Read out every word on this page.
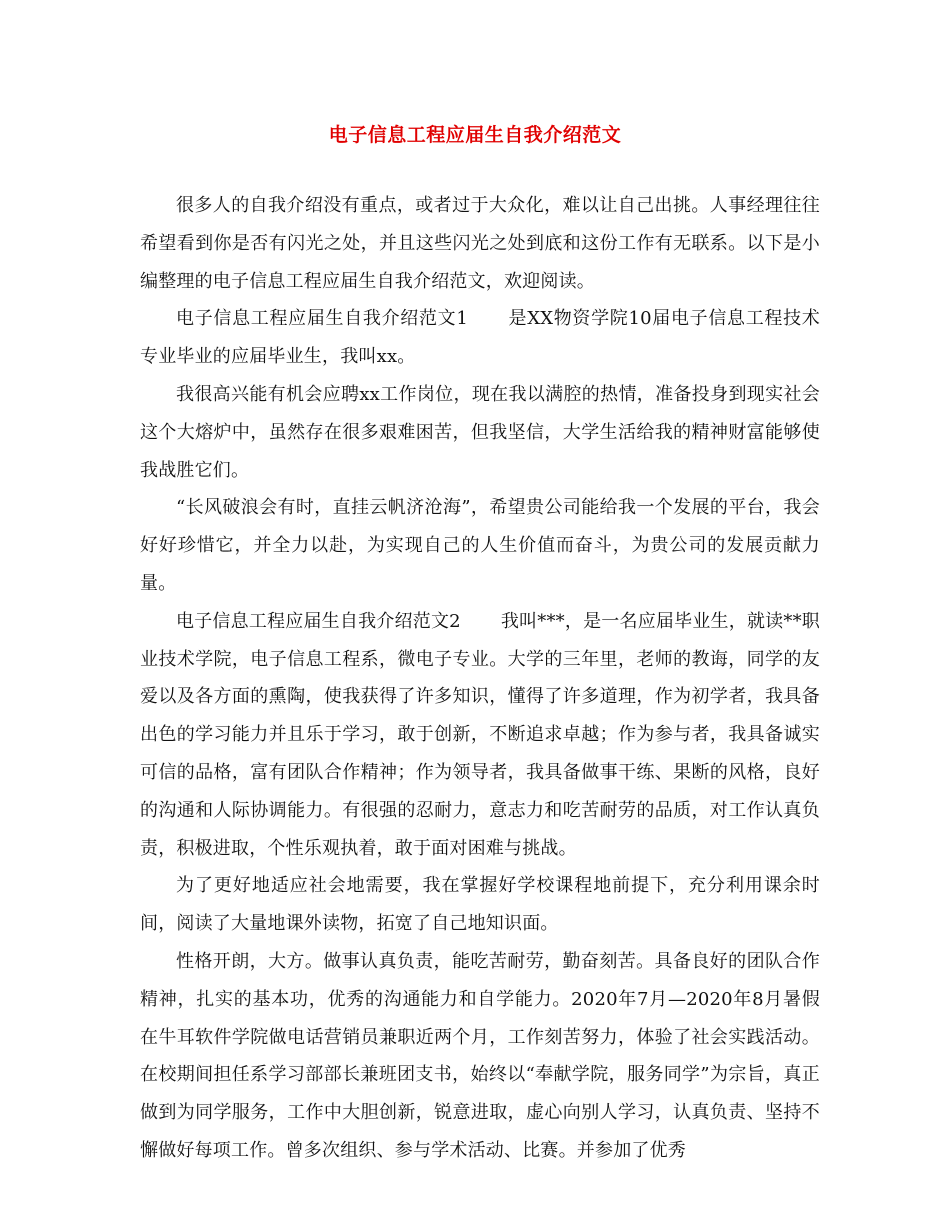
电子信息工程应届生自我介绍范文

很多人的自我介绍没有重点，或者过于大众化，难以让自己出挑。人事经理往往希望看到你是否有闪光之处，并且这些闪光之处到底和这份工作有无联系。以下是小编整理的电子信息工程应届生自我介绍范文，欢迎阅读。

电子信息工程应届生自我介绍范文1 是XX物资学院10届电子信息工程技术专业毕业的应届毕业生，我叫xx。

我很高兴能有机会应聘xx工作岗位，现在我以满腔的热情，准备投身到现实社会这个大熔炉中，虽然存在很多艰难困苦，但我坚信，大学生活给我的精神财富能够使我战胜它们。

“长风破浪会有时，直挂云帆济沧海”，希望贵公司能给我一个发展的平台，我会好好珍惜它，并全力以赴，为实现自己的人生价值而奋斗，为贵公司的发展贡献力量。

电子信息工程应届生自我介绍范文2 我叫***，是一名应届毕业生，就读**职业技术学院，电子信息工程系，微电子专业。大学的三年里，老师的教诲，同学的友爱以及各方面的熏陶，使我获得了许多知识，懂得了许多道理，作为初学者，我具备出色的学习能力并且乐于学习，敢于创新，不断追求卓越；作为参与者，我具备诚实可信的品格，富有团队合作精神；作为领导者，我具备做事干练、果断的风格，良好的沟通和人际协调能力。有很强的忍耐力，意志力和吃苦耐劳的品质，对工作认真负责，积极进取，个性乐观执着，敢于面对困难与挑战。

为了更好地适应社会地需要，我在掌握好学校课程地前提下，充分利用课余时间，阅读了大量地课外读物，拓宽了自己地知识面。

性格开朗，大方。做事认真负责，能吃苦耐劳，勤奋刻苦。具备良好的团队合作精神，扎实的基本功，优秀的沟通能力和自学能力。2020年7月—2020年8月暑假在牛耳软件学院做电话营销员兼职近两个月，工作刻苦努力，体验了社会实践活动。在校期间担任系学习部部长兼班团支书，始终以“奉献学院，服务同学”为宗旨，真正做到为同学服务，工作中大胆创新，锐意进取，虚心向别人学习，认真负责、坚持不懈做好每项工作。曾多次组织、参与学术活动、比赛。并参加了优秀
